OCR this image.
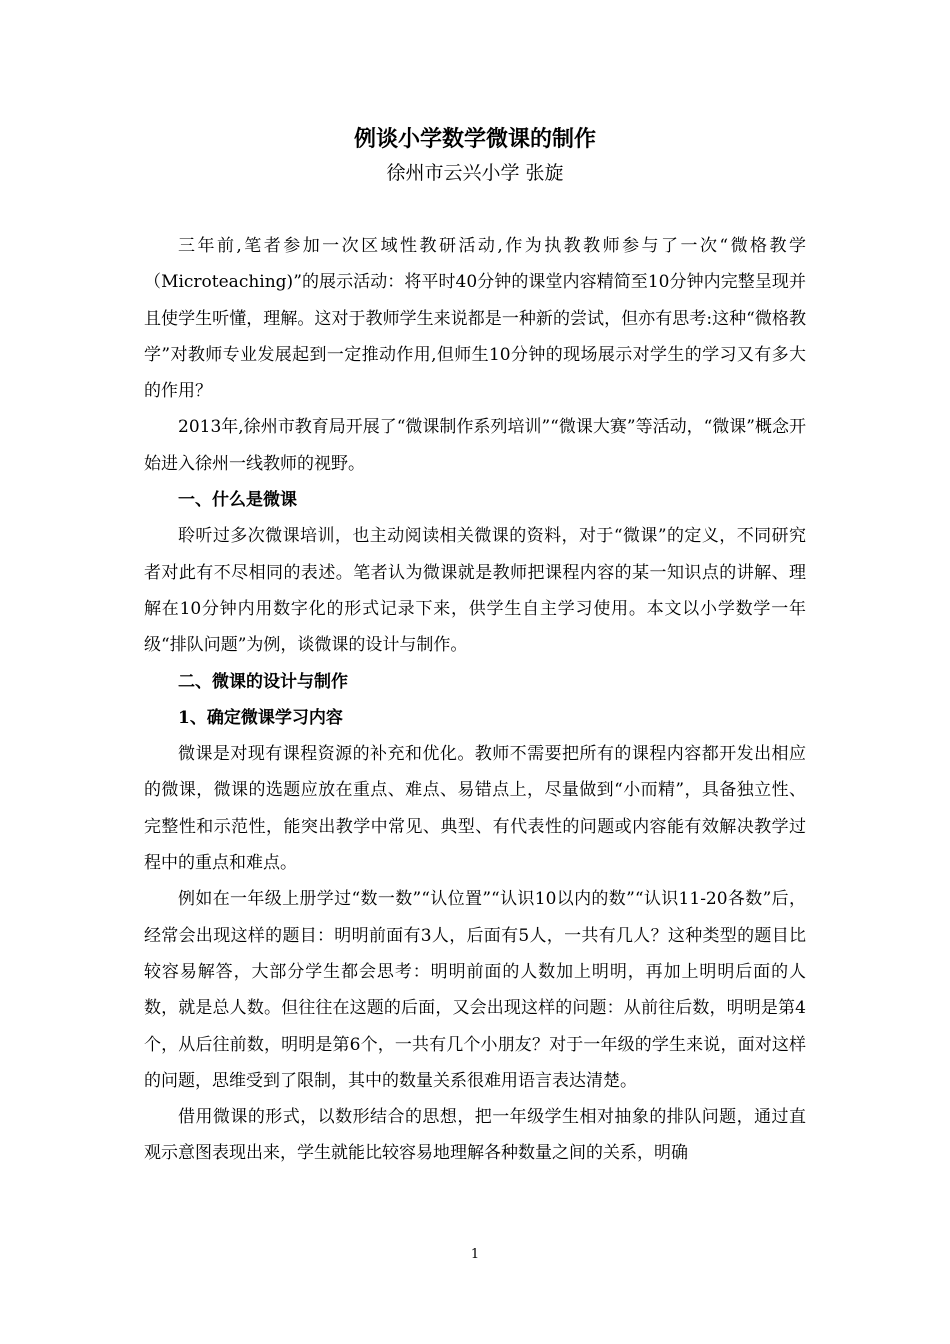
例谈小学数学微课的制作
徐州市云兴小学 张旋

三年前,笔者参加一次区域性教研活动,作为执教教师参与了一次“微格教学（Microteaching)”的展示活动：将平时40分钟的课堂内容精简至10分钟内完整呈现并且使学生听懂，理解。这对于教师学生来说都是一种新的尝试，但亦有思考:这种“微格教学”对教师专业发展起到一定推动作用,但师生10分钟的现场展示对学生的学习又有多大的作用？

2013年,徐州市教育局开展了“微课制作系列培训”“微课大赛”等活动，“微课”概念开始进入徐州一线教师的视野。

一、什么是微课

聆听过多次微课培训，也主动阅读相关微课的资料，对于“微课”的定义，不同研究者对此有不尽相同的表述。笔者认为微课就是教师把课程内容的某一知识点的讲解、理解在10分钟内用数字化的形式记录下来，供学生自主学习使用。本文以小学数学一年级“排队问题”为例，谈微课的设计与制作。

二、微课的设计与制作
1、确定微课学习内容

微课是对现有课程资源的补充和优化。教师不需要把所有的课程内容都开发出相应的微课，微课的选题应放在重点、难点、易错点上，尽量做到“小而精”，具备独立性、完整性和示范性，能突出教学中常见、典型、有代表性的问题或内容能有效解决教学过程中的重点和难点。

例如在一年级上册学过“数一数”“认位置”“认识10以内的数”“认识11-20各数”后，经常会出现这样的题目：明明前面有3人，后面有5人，一共有几人？这种类型的题目比较容易解答，大部分学生都会思考：明明前面的人数加上明明，再加上明明后面的人数，就是总人数。但往往在这题的后面，又会出现这样的问题：从前往后数，明明是第4个，从后往前数，明明是第6个，一共有几个小朋友？对于一年级的学生来说，面对这样的问题，思维受到了限制，其中的数量关系很难用语言表达清楚。

借用微课的形式，以数形结合的思想，把一年级学生相对抽象的排队问题，通过直观示意图表现出来，学生就能比较容易地理解各种数量之间的关系，明确

1
